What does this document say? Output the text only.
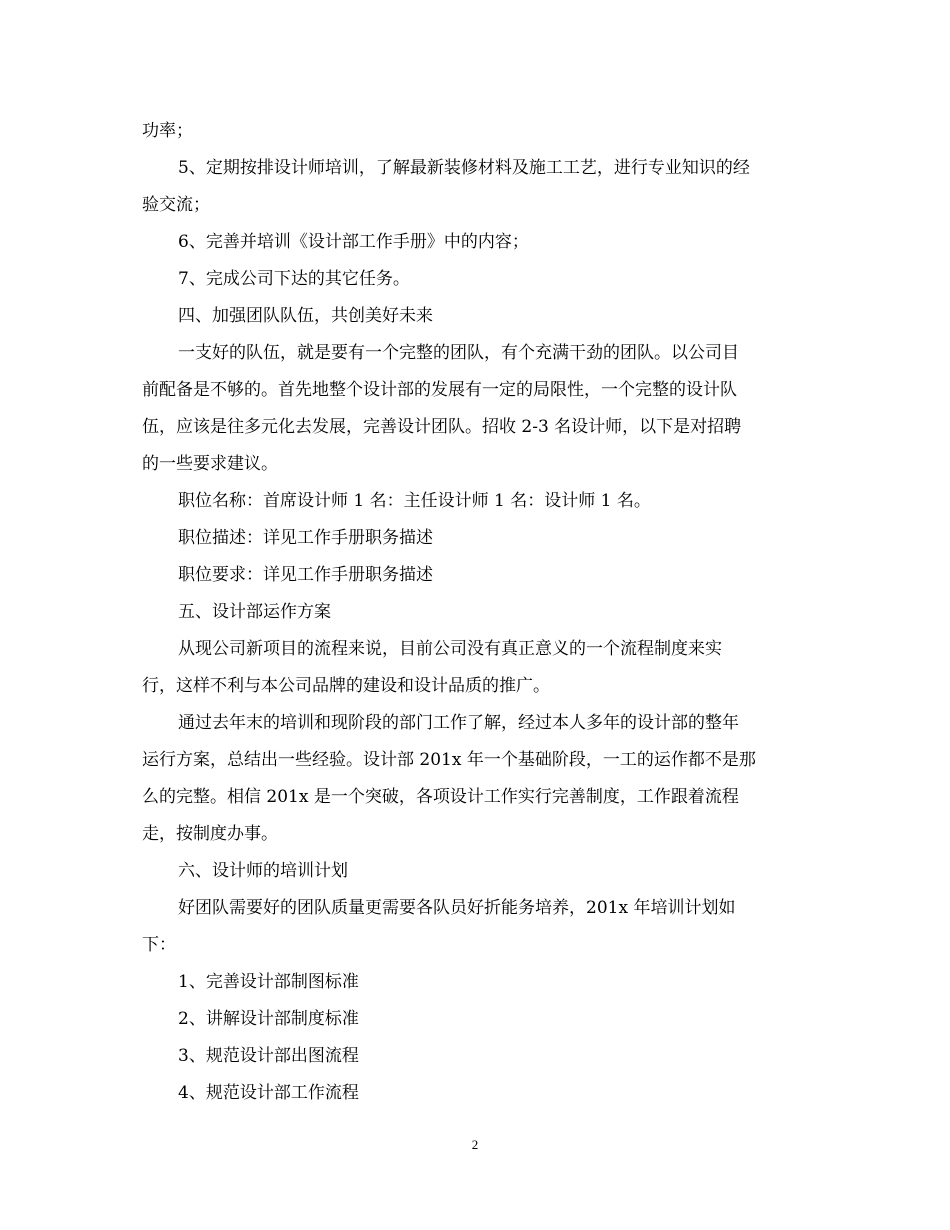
功率；

5、定期按排设计师培训，了解最新装修材料及施工工艺，进行专业知识的经

验交流；

6、完善并培训《设计部工作手册》中的内容；

7、完成公司下达的其它任务。

四、加强团队队伍，共创美好未来

一支好的队伍，就是要有一个完整的团队，有个充满干劲的团队。以公司目

前配备是不够的。首先地整个设计部的发展有一定的局限性，一个完整的设计队

伍，应该是往多元化去发展，完善设计团队。招收 2-3 名设计师，以下是对招聘

的一些要求建议。

职位名称：首席设计师 1 名：主任设计师 1 名：设计师 1 名。

职位描述：详见工作手册职务描述

职位要求：详见工作手册职务描述

五、设计部运作方案

从现公司新项目的流程来说，目前公司没有真正意义的一个流程制度来实

行，这样不利与本公司品牌的建设和设计品质的推广。

通过去年末的培训和现阶段的部门工作了解，经过本人多年的设计部的整年

运行方案，总结出一些经验。设计部 201x 年一个基础阶段，一工的运作都不是那

么的完整。相信 201x 是一个突破，各项设计工作实行完善制度，工作跟着流程

走，按制度办事。

六、设计师的培训计划

好团队需要好的团队质量更需要各队员好折能务培养，201x 年培训计划如

下：

1、完善设计部制图标准

2、讲解设计部制度标准

3、规范设计部出图流程

4、规范设计部工作流程

2
